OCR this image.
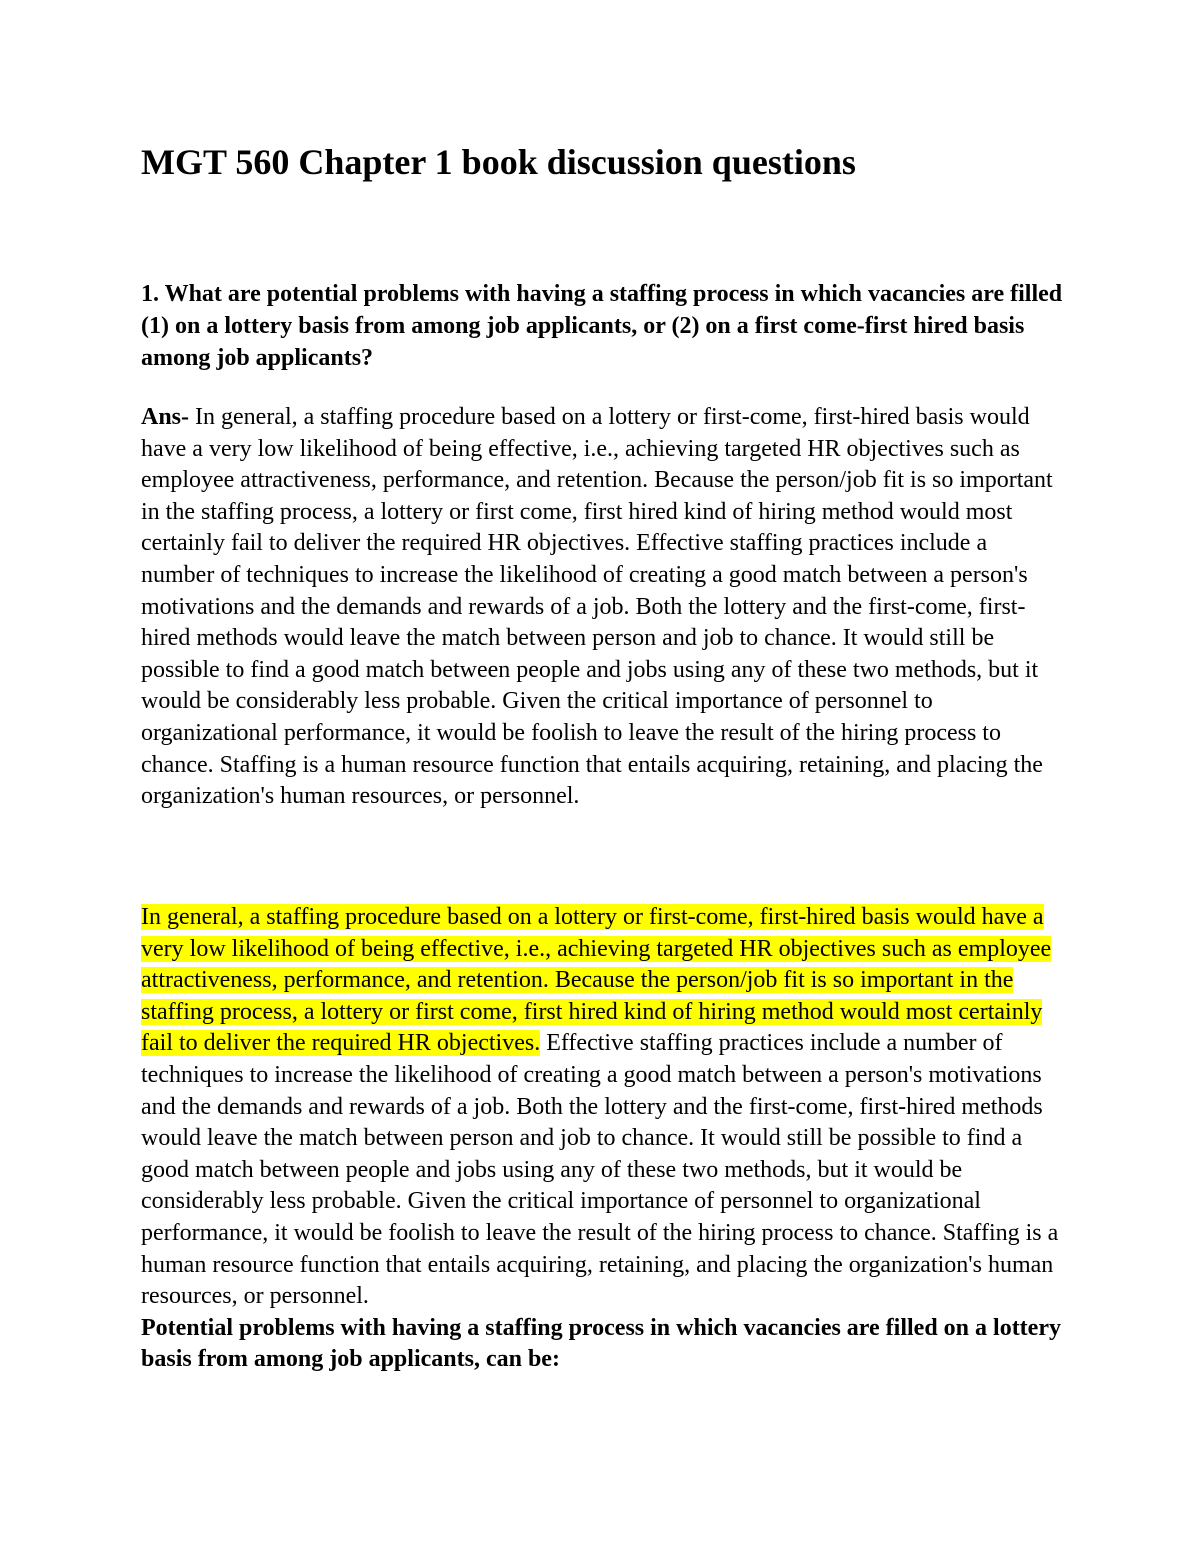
MGT 560 Chapter 1 book discussion questions

1. What are potential problems with having a staffing process in which vacancies are filled (1) on a lottery basis from among job applicants, or (2) on a first come-first hired basis among job applicants?

Ans- In general, a staffing procedure based on a lottery or first-come, first-hired basis would have a very low likelihood of being effective, i.e., achieving targeted HR objectives such as employee attractiveness, performance, and retention. Because the person/job fit is so important in the staffing process, a lottery or first come, first hired kind of hiring method would most certainly fail to deliver the required HR objectives. Effective staffing practices include a number of techniques to increase the likelihood of creating a good match between a person's motivations and the demands and rewards of a job. Both the lottery and the first-come, first-hired methods would leave the match between person and job to chance. It would still be possible to find a good match between people and jobs using any of these two methods, but it would be considerably less probable. Given the critical importance of personnel to organizational performance, it would be foolish to leave the result of the hiring process to chance. Staffing is a human resource function that entails acquiring, retaining, and placing the organization's human resources, or personnel.

In general, a staffing procedure based on a lottery or first-come, first-hired basis would have a very low likelihood of being effective, i.e., achieving targeted HR objectives such as employee attractiveness, performance, and retention. Because the person/job fit is so important in the staffing process, a lottery or first come, first hired kind of hiring method would most certainly fail to deliver the required HR objectives. Effective staffing practices include a number of techniques to increase the likelihood of creating a good match between a person's motivations and the demands and rewards of a job. Both the lottery and the first-come, first-hired methods would leave the match between person and job to chance. It would still be possible to find a good match between people and jobs using any of these two methods, but it would be considerably less probable. Given the critical importance of personnel to organizational performance, it would be foolish to leave the result of the hiring process to chance. Staffing is a human resource function that entails acquiring, retaining, and placing the organization's human resources, or personnel.
Potential problems with having a staffing process in which vacancies are filled on a lottery basis from among job applicants, can be:
